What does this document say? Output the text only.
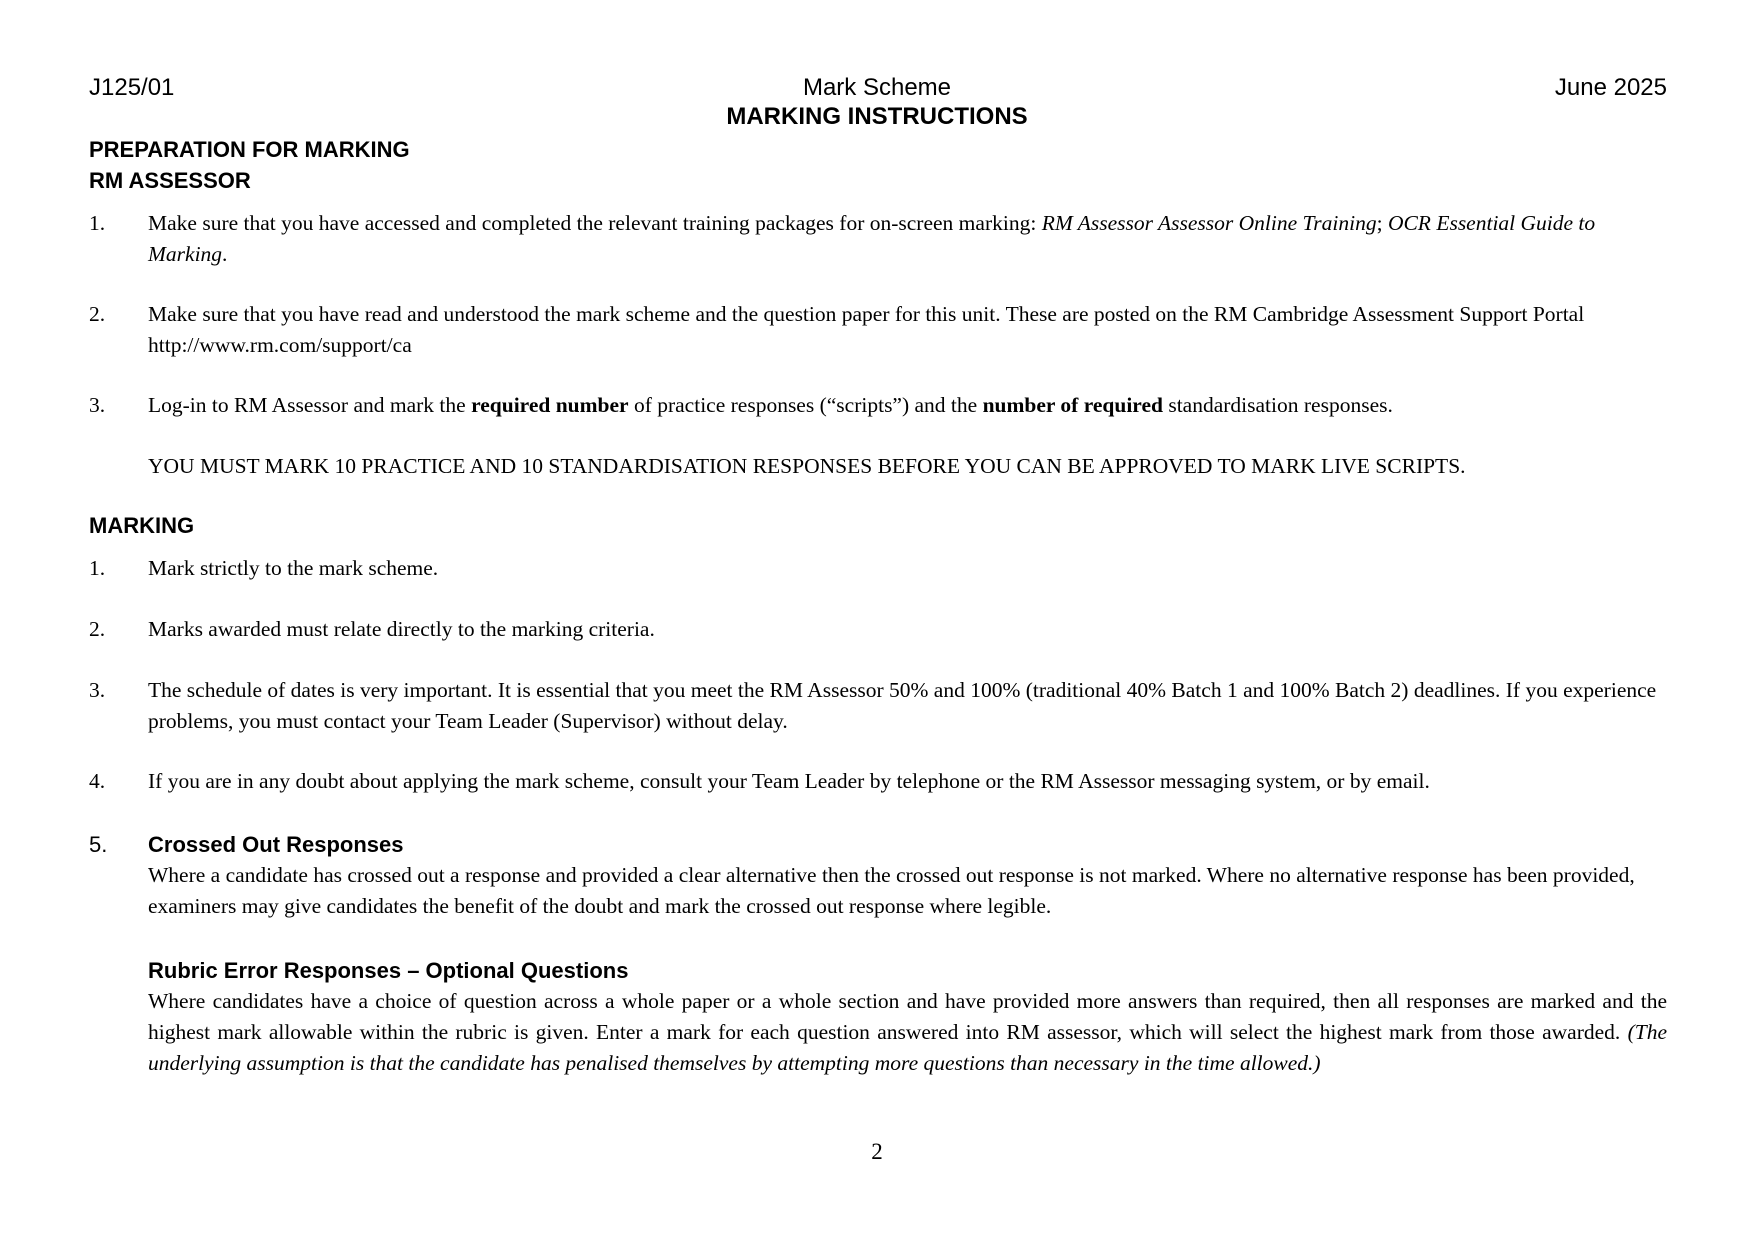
J125/01	Mark Scheme	June 2025
MARKING INSTRUCTIONS
PREPARATION FOR MARKING
RM ASSESSOR
1. Make sure that you have accessed and completed the relevant training packages for on-screen marking: RM Assessor Assessor Online Training; OCR Essential Guide to Marking.
2. Make sure that you have read and understood the mark scheme and the question paper for this unit. These are posted on the RM Cambridge Assessment Support Portal http://www.rm.com/support/ca
3. Log-in to RM Assessor and mark the required number of practice responses (“scripts”) and the number of required standardisation responses.
YOU MUST MARK 10 PRACTICE AND 10 STANDARDISATION RESPONSES BEFORE YOU CAN BE APPROVED TO MARK LIVE SCRIPTS.
MARKING
1. Mark strictly to the mark scheme.
2. Marks awarded must relate directly to the marking criteria.
3. The schedule of dates is very important. It is essential that you meet the RM Assessor 50% and 100% (traditional 40% Batch 1 and 100% Batch 2) deadlines. If you experience problems, you must contact your Team Leader (Supervisor) without delay.
4. If you are in any doubt about applying the mark scheme, consult your Team Leader by telephone or the RM Assessor messaging system, or by email.
5. Crossed Out Responses
Where a candidate has crossed out a response and provided a clear alternative then the crossed out response is not marked. Where no alternative response has been provided, examiners may give candidates the benefit of the doubt and mark the crossed out response where legible.
Rubric Error Responses – Optional Questions
Where candidates have a choice of question across a whole paper or a whole section and have provided more answers than required, then all responses are marked and the highest mark allowable within the rubric is given. Enter a mark for each question answered into RM assessor, which will select the highest mark from those awarded. (The underlying assumption is that the candidate has penalised themselves by attempting more questions than necessary in the time allowed.)
2
